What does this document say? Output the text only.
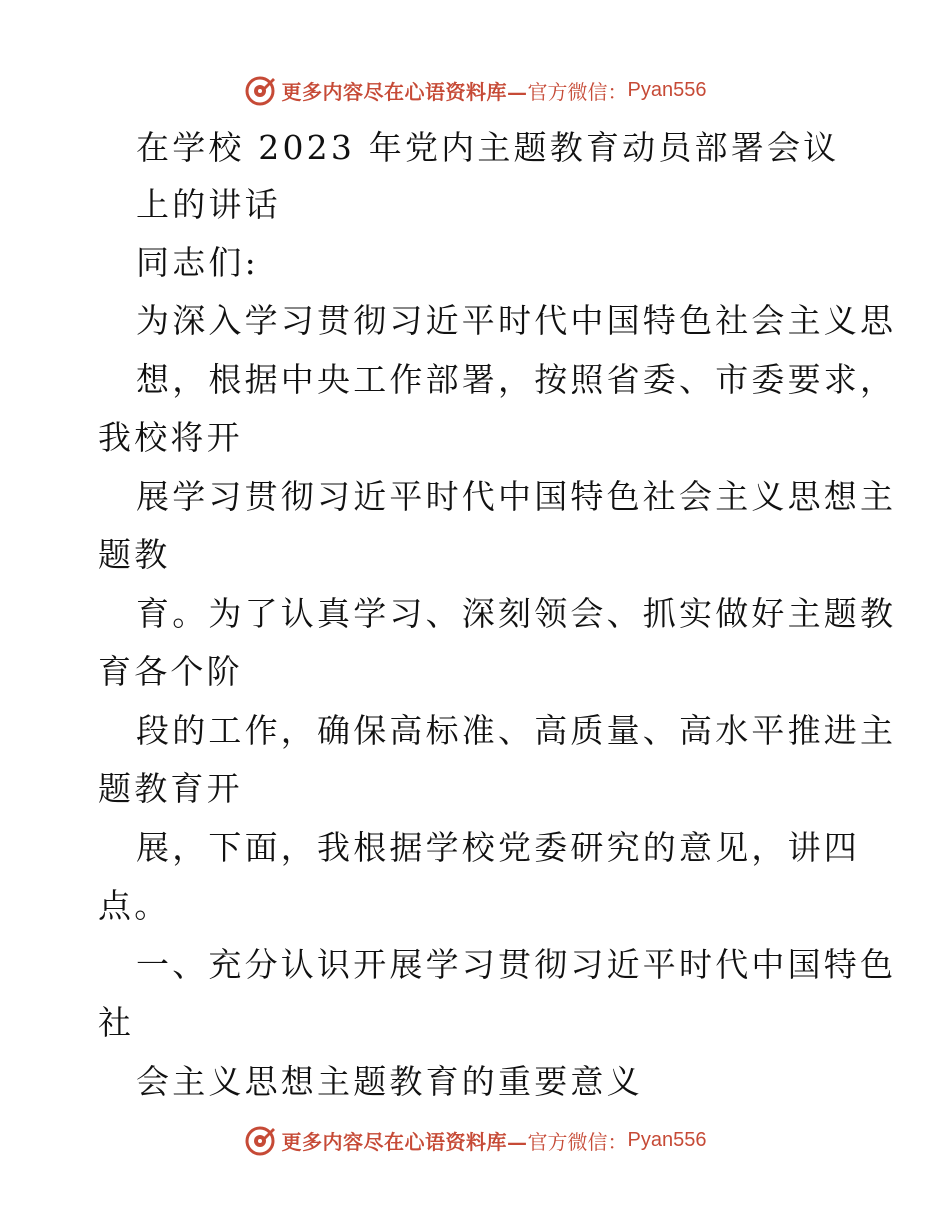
更多内容尽在心语资料库— 官方微信： Pyan556
在学校 2023 年党内主题教育动员部署会议
上的讲话
同志们:
为深入学习贯彻习近平时代中国特色社会主义思
想，根据中央工作部署，按照省委、市委要求，
我校将开
展学习贯彻习近平时代中国特色社会主义思想主
题教
育。为了认真学习、深刻领会、抓实做好主题教
育各个阶
段的工作，确保高标准、高质量、高水平推进主
题教育开
展，下面，我根据学校党委研究的意见，讲四
点。
一、充分认识开展学习贯彻习近平时代中国特色
社
会主义思想主题教育的重要意义
更多内容尽在心语资料库— 官方微信： Pyan556
